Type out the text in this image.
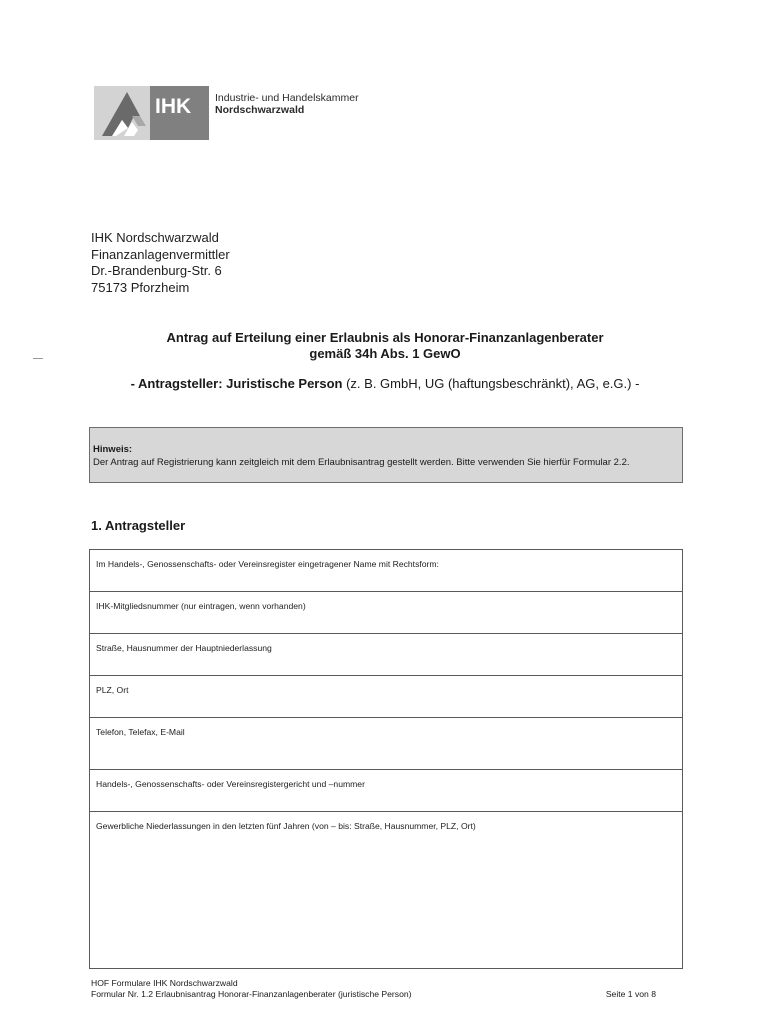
IHK Industrie- und Handelskammer
Nordschwarzwald
IHK Nordschwarzwald
Finanzanlagenvermittler
Dr.-Brandenburg-Str. 6
75173 Pforzheim
Antrag auf Erteilung einer Erlaubnis als Honorar-Finanzanlagenberater
gemäß 34h Abs. 1 GewO
- Antragsteller: Juristische Person (z. B. GmbH, UG (haftungsbeschränkt), AG, e.G.) -
Hinweis:
Der Antrag auf Registrierung kann zeitgleich mit dem Erlaubnisantrag gestellt werden. Bitte verwenden Sie hierfür Formular 2.2.
1. Antragsteller
Im Handels-, Genossenschafts- oder Vereinsregister eingetragener Name mit Rechtsform:
IHK-Mitgliedsnummer (nur eintragen, wenn vorhanden)
Straße, Hausnummer der Hauptniederlassung
PLZ, Ort
Telefon, Telefax, E-Mail
Handels-, Genossenschafts- oder Vereinsregistergericht und –nummer
Gewerbliche Niederlassungen in den letzten fünf Jahren (von – bis: Straße, Hausnummer, PLZ, Ort)
HOF Formulare IHK Nordschwarzwald
Formular Nr. 1.2 Erlaubnisantrag Honorar-Finanzanlagenberater (juristische Person)	Seite 1 von 8
